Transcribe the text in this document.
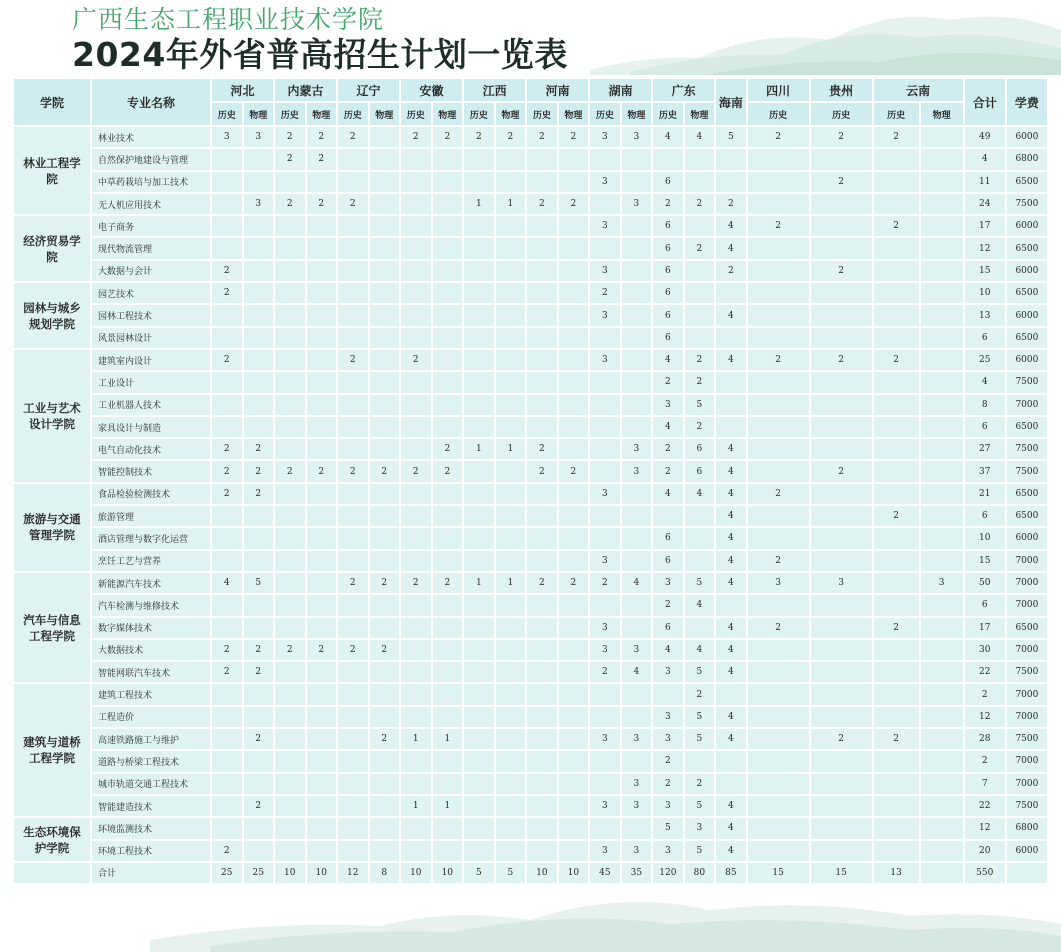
广西生态工程职业技术学院
2024年外省普高招生计划一览表
学院	专业名称	河北		内蒙古		辽宁		安徽		江西		河南		湖南		广东		海南	四川	贵州	云南		合计	学费
		历史	物理	历史	物理	历史	物理	历史	物理	历史	物理	历史	物理	历史	物理	历史	物理		历史	历史	历史	物理		
林业工程学院	林业技术	3	3	2	2	2		2	2	2	2	2	2	3	3	4	4	5	2	2	2		49	6000
	自然保护地建设与管理			2	2																		4	6800
	中草药栽培与加工技术													3		6				2			11	6500
	无人机应用技术		3	2	2	2				1	1	2	2		3	2	2	2					24	7500
经济贸易学院	电子商务													3		6		4	2		2		17	6000
	现代物流管理															6	2	4					12	6500
	大数据与会计	2												3		6		2		2			15	6000
园林与城乡规划学院	园艺技术	2												2		6							10	6500
	园林工程技术													3		6		4					13	6000
	风景园林设计															6							6	6500
工业与艺术设计学院	建筑室内设计	2				2		2						3		4	2	4	2	2	2		25	6000
	工业设计															2	2						4	7500
	工业机器人技术															3	5						8	7000
	家具设计与制造															4	2						6	6500
	电气自动化技术	2	2						2	1	1	2			3	2	6	4					27	7500
	智能控制技术	2	2	2	2	2	2	2	2			2	2		3	2	6	4		2			37	7500
旅游与交通管理学院	食品检验检测技术	2	2											3		4	4	4	2				21	6500
	旅游管理																	4			2		6	6500
	酒店管理与数字化运营															6		4					10	6000
	烹饪工艺与营养													3		6		4	2				15	7000
汽车与信息工程学院	新能源汽车技术	4	5			2	2	2	2	1	1	2	2	2	4	3	5	4	3	3		3	50	7000
	汽车检测与维修技术															2	4						6	7000
	数字媒体技术													3		6		4	2		2		17	6500
	大数据技术	2	2	2	2	2	2							3	3	4	4	4					30	7000
	智能网联汽车技术	2	2											2	4	3	5	4					22	7500
建筑与道桥工程学院	建筑工程技术																2						2	7000
	工程造价															3	5	4					12	7000
	高速铁路施工与维护		2				2	1	1					3	3	3	5	4		2	2		28	7500
	道路与桥梁工程技术															2							2	7000
	城市轨道交通工程技术														3	2	2						7	7000
	智能建造技术		2					1	1					3	3	3	5	4					22	7500
生态环境保护学院	环境监测技术															5	3	4					12	6800
	环境工程技术	2												3	3	3	5	4					20	6000
	合计	25	25	10	10	12	8	10	10	5	5	10	10	45	35	120	80	85	15	15	13		550	
